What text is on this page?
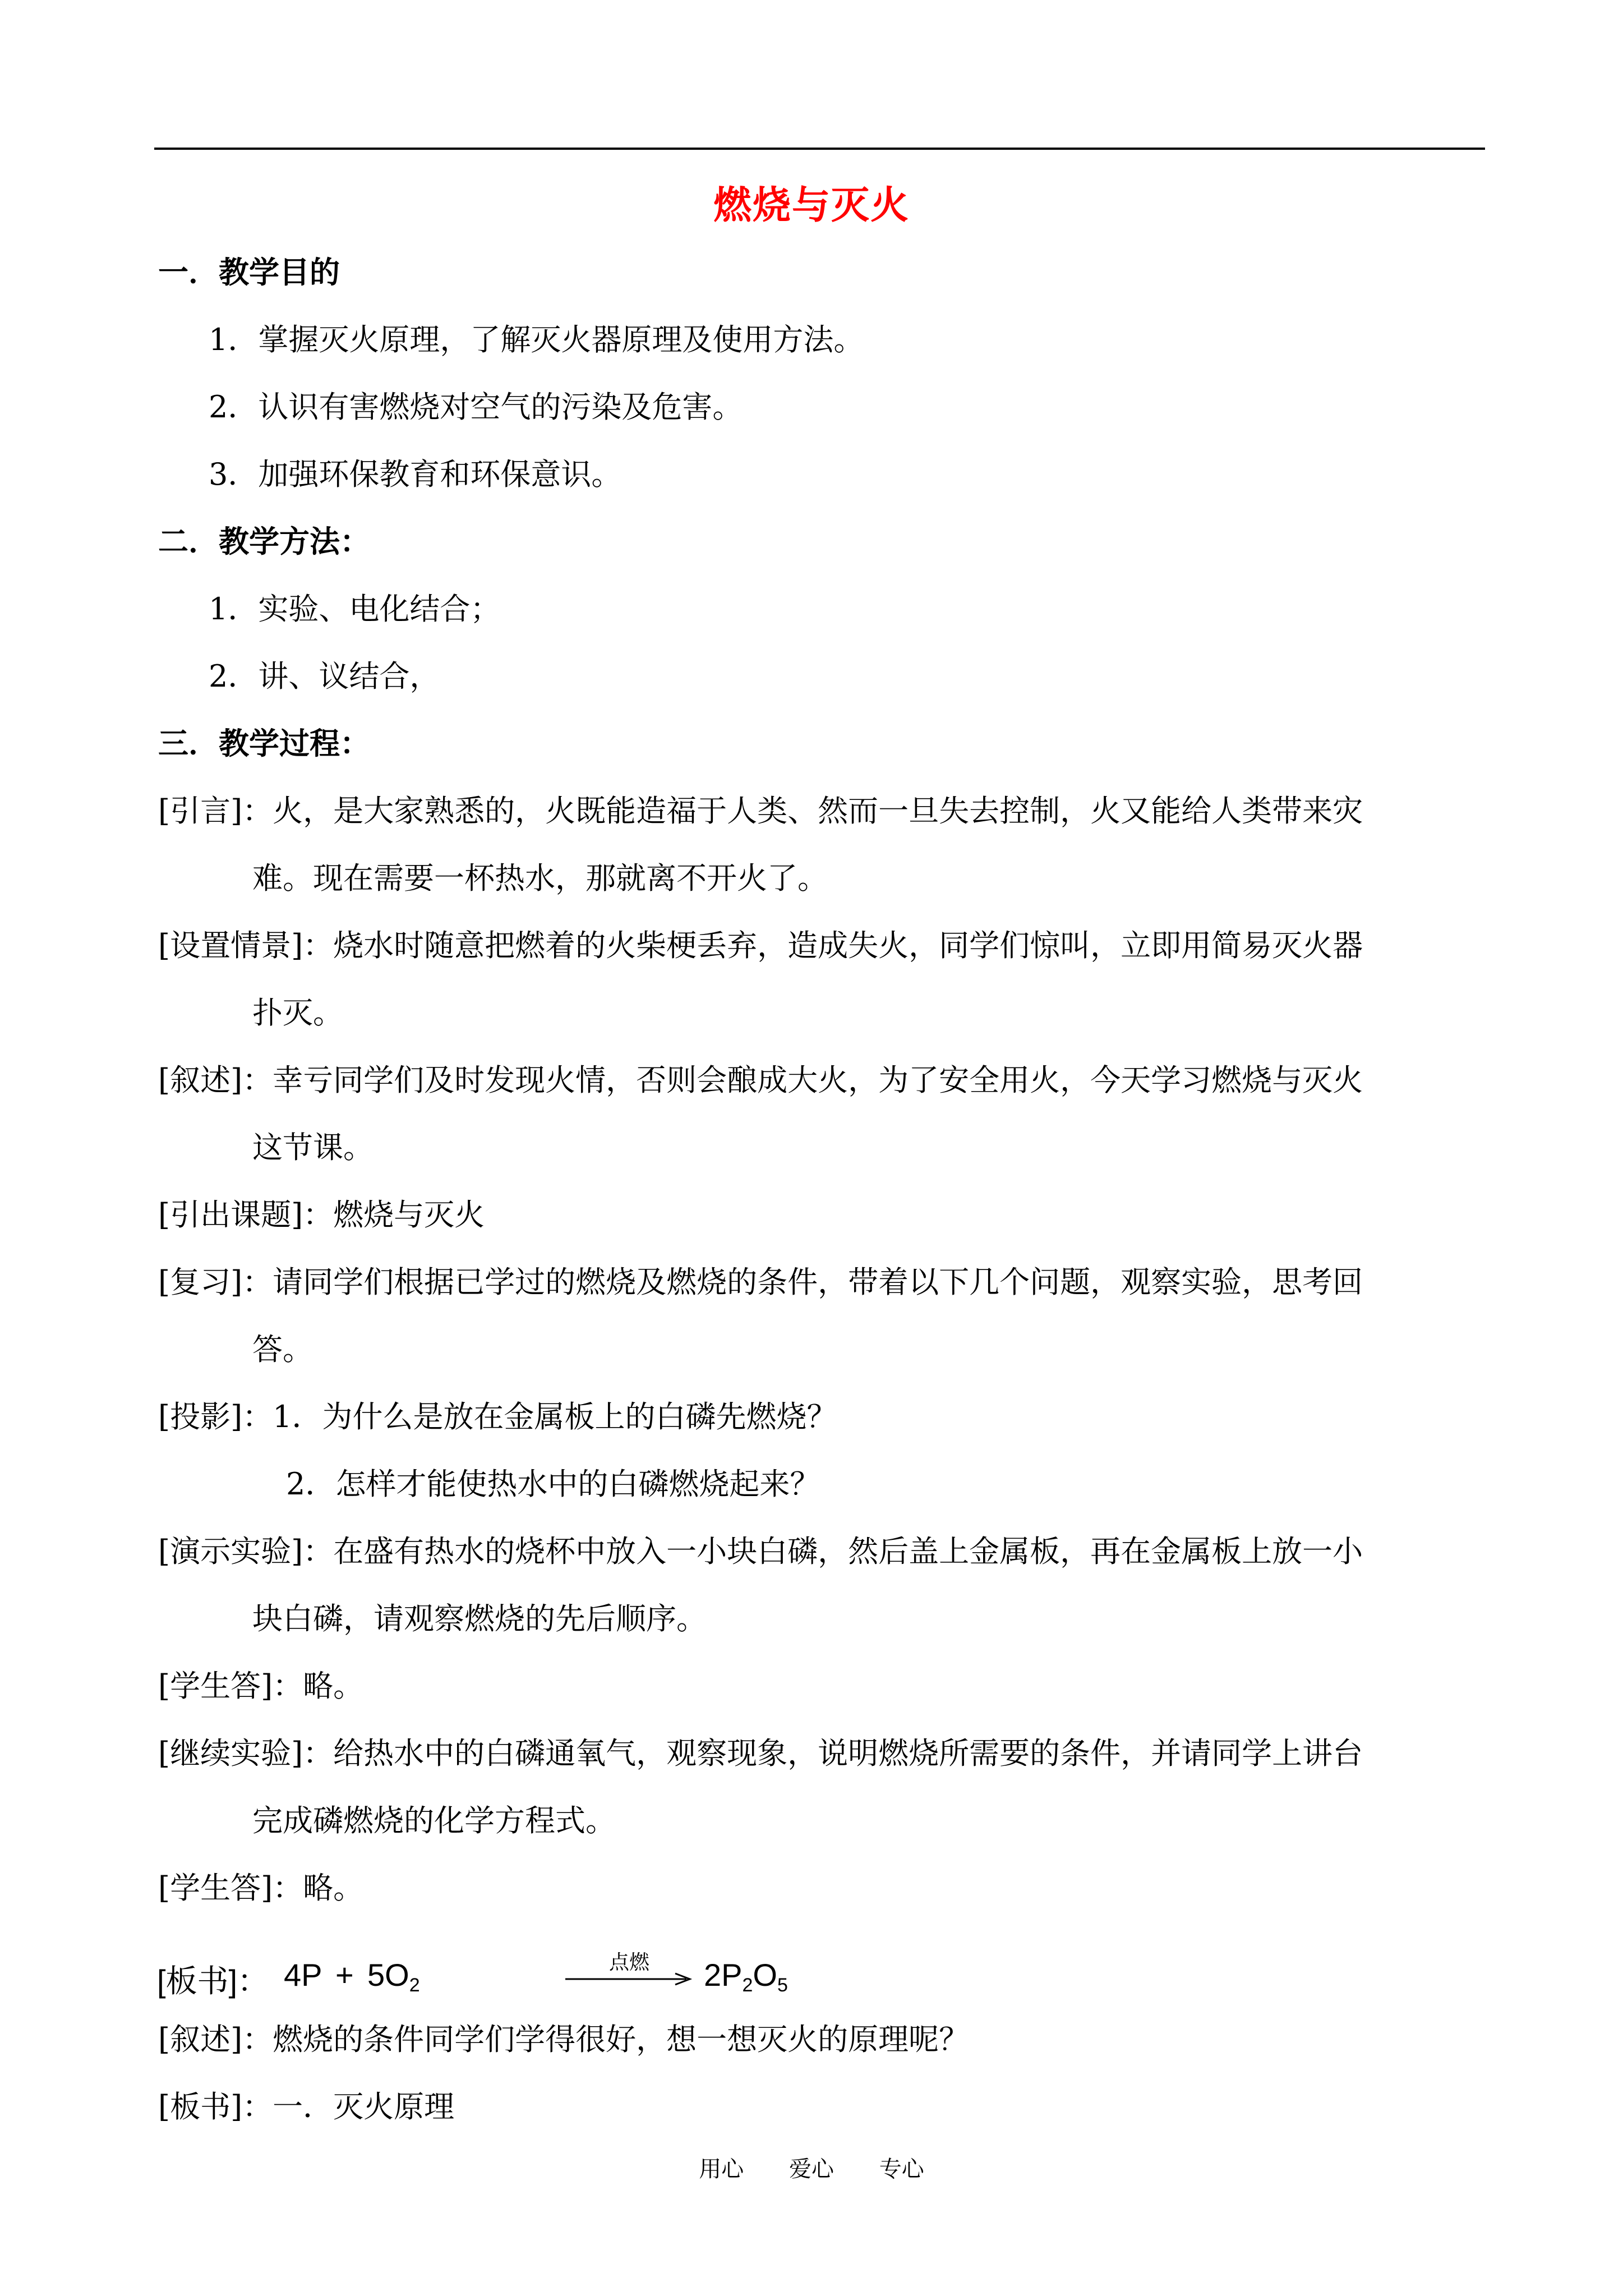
燃烧与灭火
一．教学目的
1．掌握灭火原理，了解灭火器原理及使用方法。
2．认识有害燃烧对空气的污染及危害。
3．加强环保教育和环保意识。
二．教学方法：
1．实验、电化结合；
2．讲、议结合，
三．教学过程：
[引言]：火，是大家熟悉的，火既能造福于人类、然而一旦失去控制，火又能给人类带来灾
难。现在需要一杯热水，那就离不开火了。
[设置情景]：烧水时随意把燃着的火柴梗丢弃，造成失火，同学们惊叫，立即用简易灭火器
扑灭。
[叙述]：幸亏同学们及时发现火情，否则会酿成大火，为了安全用火，今天学习燃烧与灭火
这节课。
[引出课题]：燃烧与灭火
[复习]：请同学们根据已学过的燃烧及燃烧的条件，带着以下几个问题，观察实验，思考回
答。
[投影]：1．为什么是放在金属板上的白磷先燃烧？
2．怎样才能使热水中的白磷燃烧起来？
[演示实验]：在盛有热水的烧杯中放入一小块白磷，然后盖上金属板，再在金属板上放一小
块白磷，请观察燃烧的先后顺序。
[学生答]：略。
[继续实验]：给热水中的白磷通氧气，观察现象，说明燃烧所需要的条件，并请同学上讲台
完成磷燃烧的化学方程式。
[学生答]：略。
[板书]： $4P + 5O_2$
点燃	$2P_2O_5$
[叙述]：燃烧的条件同学们学得很好，想一想灭火的原理呢？
[板书]：一．灭火原理
用心 爱心 专心
